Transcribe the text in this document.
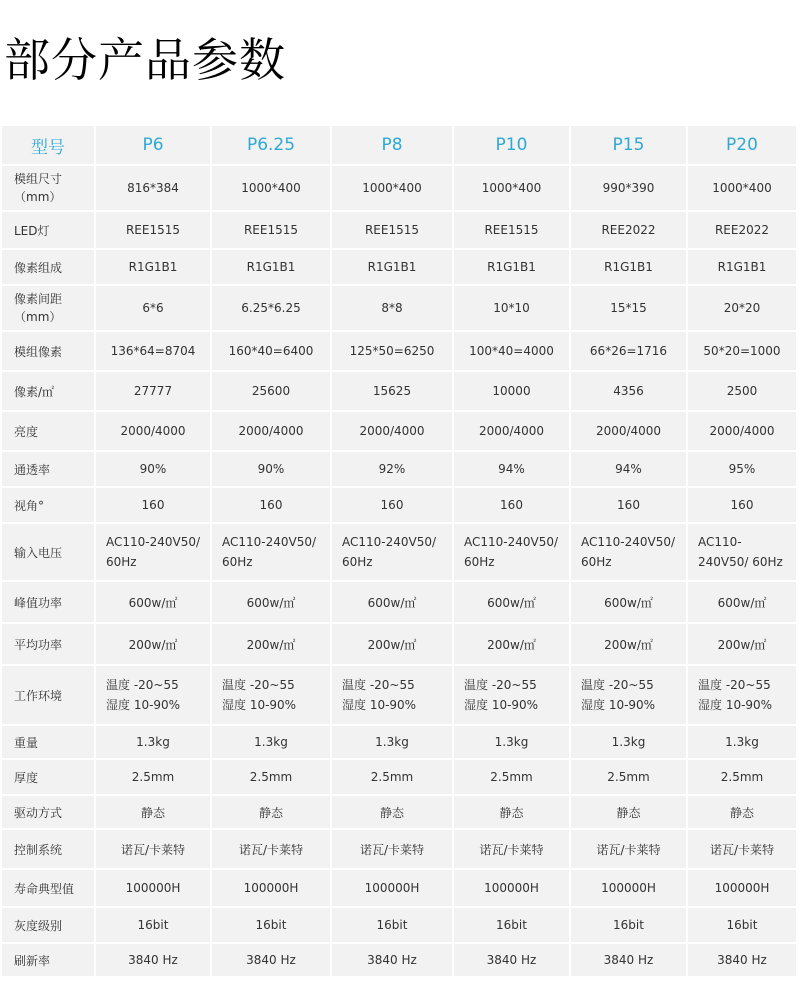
部分产品参数
型号	P6	P6.25	P8	P10	P15	P20

模组尺寸
（mm）	816*384	1000*400	1000*400	1000*400	990*390	1000*400

LED灯	REE1515	REE1515	REE1515	REE1515	REE2022	REE2022

像素组成	R1G1B1	R1G1B1	R1G1B1	R1G1B1	R1G1B1	R1G1B1

像素间距
（mm）	6*6	6.25*6.25	8*8	10*10	15*15	20*20

模组像素	136*64=8704	160*40=6400	125*50=6250	100*40=4000	66*26=1716	50*20=1000

像素/㎡	27777	25600	15625	10000	4356	2500

亮度	2000/4000	2000/4000	2000/4000	2000/4000	2000/4000	2000/4000

通透率	90%	90%	92%	94%	94%	95%

视角°	160	160	160	160	160	160

输入电压	AC110-240V50/
60Hz	AC110-240V50/
60Hz	AC110-240V50/
60Hz	AC110-240V50/
60Hz	AC110-240V50/
60Hz	AC110-
240V50/ 60Hz

峰值功率	600w/㎡	600w/㎡	600w/㎡	600w/㎡	600w/㎡	600w/㎡

平均功率	200w/㎡	200w/㎡	200w/㎡	200w/㎡	200w/㎡	200w/㎡

工作环境	温度 -20~55
湿度 10-90%	温度 -20~55
湿度 10-90%	温度 -20~55
湿度 10-90%	温度 -20~55
湿度 10-90%	温度 -20~55
湿度 10-90%	温度 -20~55
湿度 10-90%

重量	1.3kg	1.3kg	1.3kg	1.3kg	1.3kg	1.3kg

厚度	2.5mm	2.5mm	2.5mm	2.5mm	2.5mm	2.5mm

驱动方式	静态	静态	静态	静态	静态	静态

控制系统	诺瓦/卡莱特	诺瓦/卡莱特	诺瓦/卡莱特	诺瓦/卡莱特	诺瓦/卡莱特	诺瓦/卡莱特

寿命典型值	100000H	100000H	100000H	100000H	100000H	100000H

灰度级别	16bit	16bit	16bit	16bit	16bit	16bit

刷新率	3840 Hz	3840 Hz	3840 Hz	3840 Hz	3840 Hz	3840 Hz
